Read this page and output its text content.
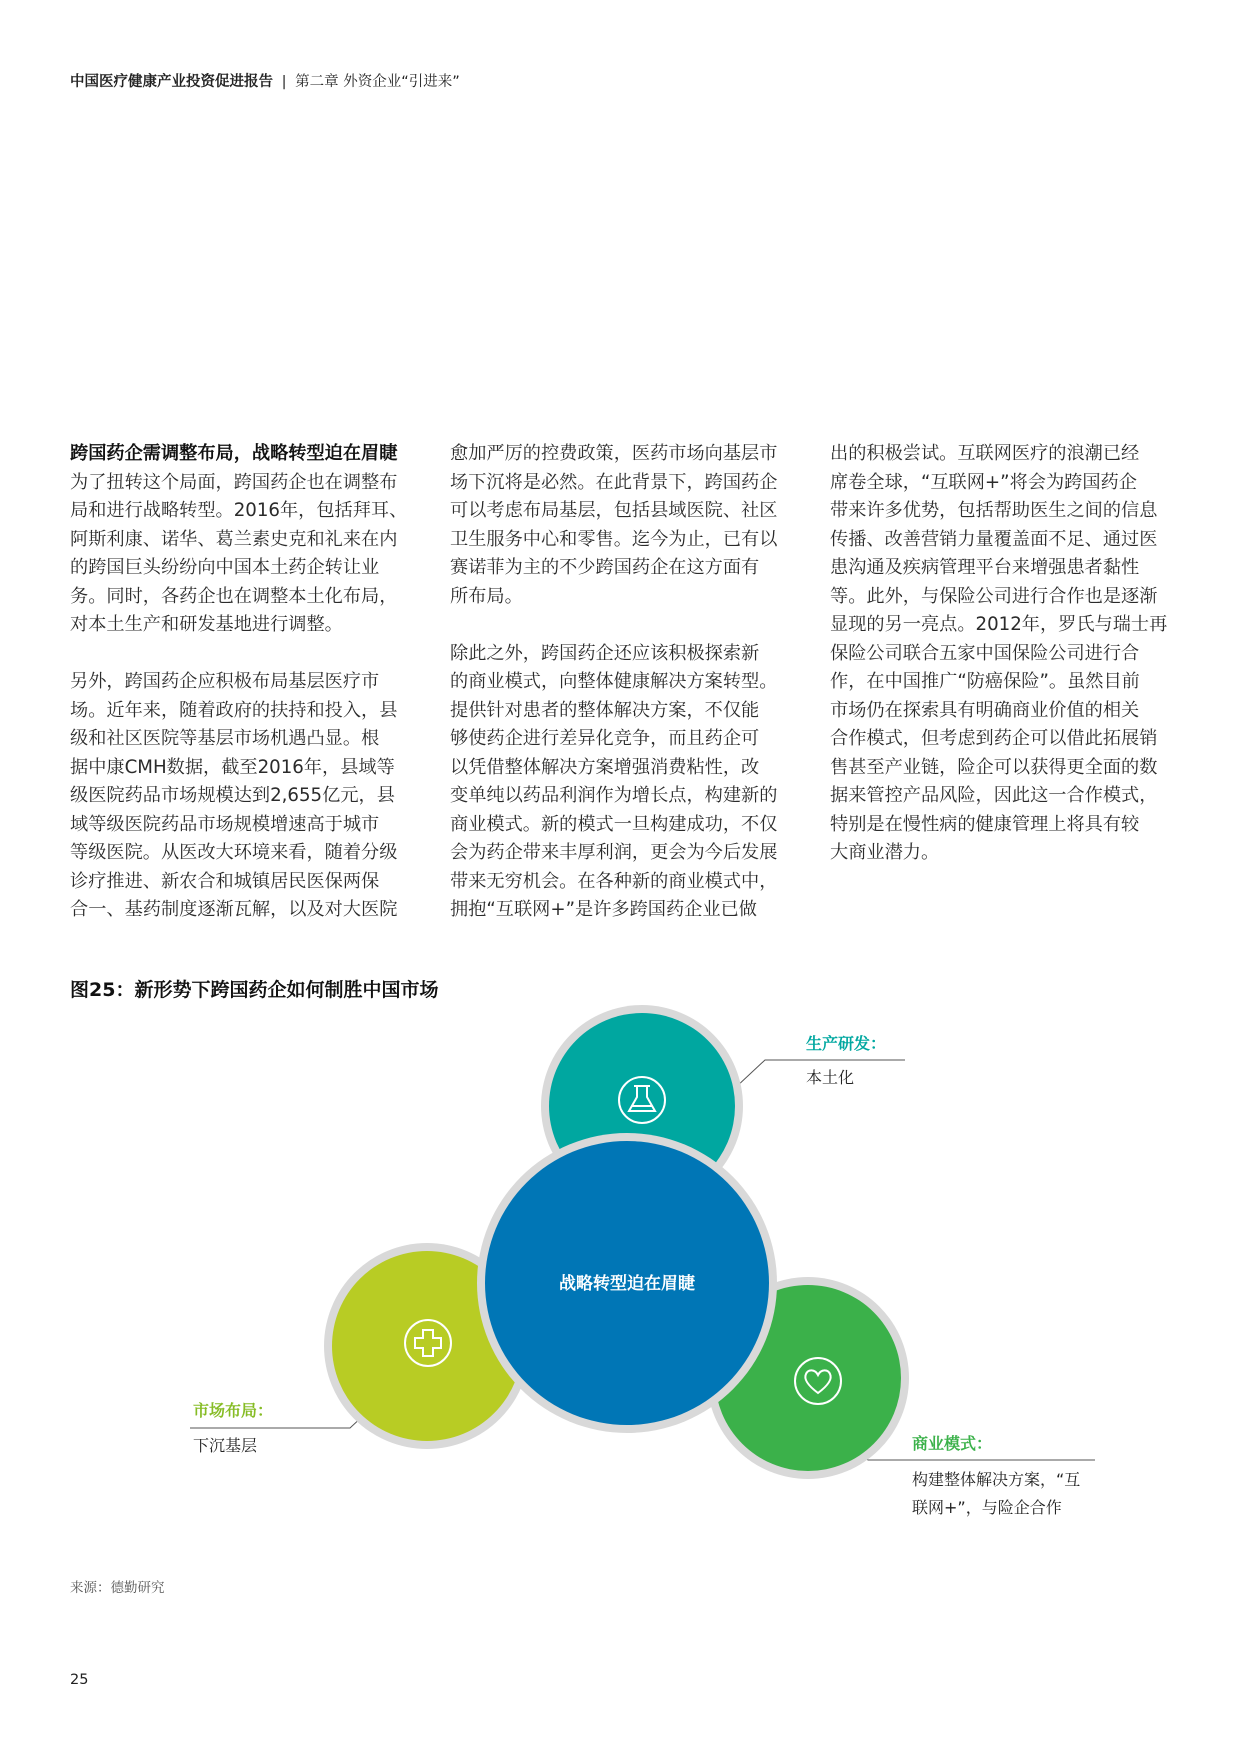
中国医疗健康产业投资促进报告 | 第二章 外资企业“引进来”

跨国药企需调整布局，战略转型迫在眉睫

为了扭转这个局面，跨国药企也在调整布
局和进行战略转型。2016年，包括拜耳、
阿斯利康、诺华、葛兰素史克和礼来在内
的跨国巨头纷纷向中国本土药企转让业
务。同时，各药企也在调整本土化布局，
对本土生产和研发基地进行调整。

另外，跨国药企应积极布局基层医疗市
场。近年来，随着政府的扶持和投入，县
级和社区医院等基层市场机遇凸显。根
据中康CMH数据，截至2016年，县域等
级医院药品市场规模达到2,655亿元，县
域等级医院药品市场规模增速高于城市
等级医院。从医改大环境来看，随着分级
诊疗推进、新农合和城镇居民医保两保
合一、基药制度逐渐瓦解，以及对大医院

愈加严厉的控费政策，医药市场向基层市
场下沉将是必然。在此背景下，跨国药企
可以考虑布局基层，包括县域医院、社区
卫生服务中心和零售。迄今为止，已有以
赛诺菲为主的不少跨国药企在这方面有
所布局。

除此之外，跨国药企还应该积极探索新
的商业模式，向整体健康解决方案转型。
提供针对患者的整体解决方案，不仅能
够使药企进行差异化竞争，而且药企可
以凭借整体解决方案增强消费粘性，改
变单纯以药品利润作为增长点，构建新的
商业模式。新的模式一旦构建成功，不仅
会为药企带来丰厚利润，更会为今后发展
带来无穷机会。在各种新的商业模式中，
拥抱“互联网+”是许多跨国药企业已做

出的积极尝试。互联网医疗的浪潮已经
席卷全球，“互联网+”将会为跨国药企
带来许多优势，包括帮助医生之间的信息
传播、改善营销力量覆盖面不足、通过医
患沟通及疾病管理平台来增强患者黏性
等。此外，与保险公司进行合作也是逐渐
显现的另一亮点。2012年，罗氏与瑞士再
保险公司联合五家中国保险公司进行合
作，在中国推广“防癌保险”。虽然目前
市场仍在探索具有明确商业价值的相关
合作模式，但考虑到药企可以借此拓展销
售甚至产业链，险企可以获得更全面的数
据来管控产品风险，因此这一合作模式，
特别是在慢性病的健康管理上将具有较
大商业潜力。

图25：新形势下跨国药企如何制胜中国市场
战略转型迫在眉睫
生产研发：
本土化
市场布局：
下沉基层	商业模式：
构建整体解决方案，“互
联网+”，与险企合作
来源：德勤研究
25
